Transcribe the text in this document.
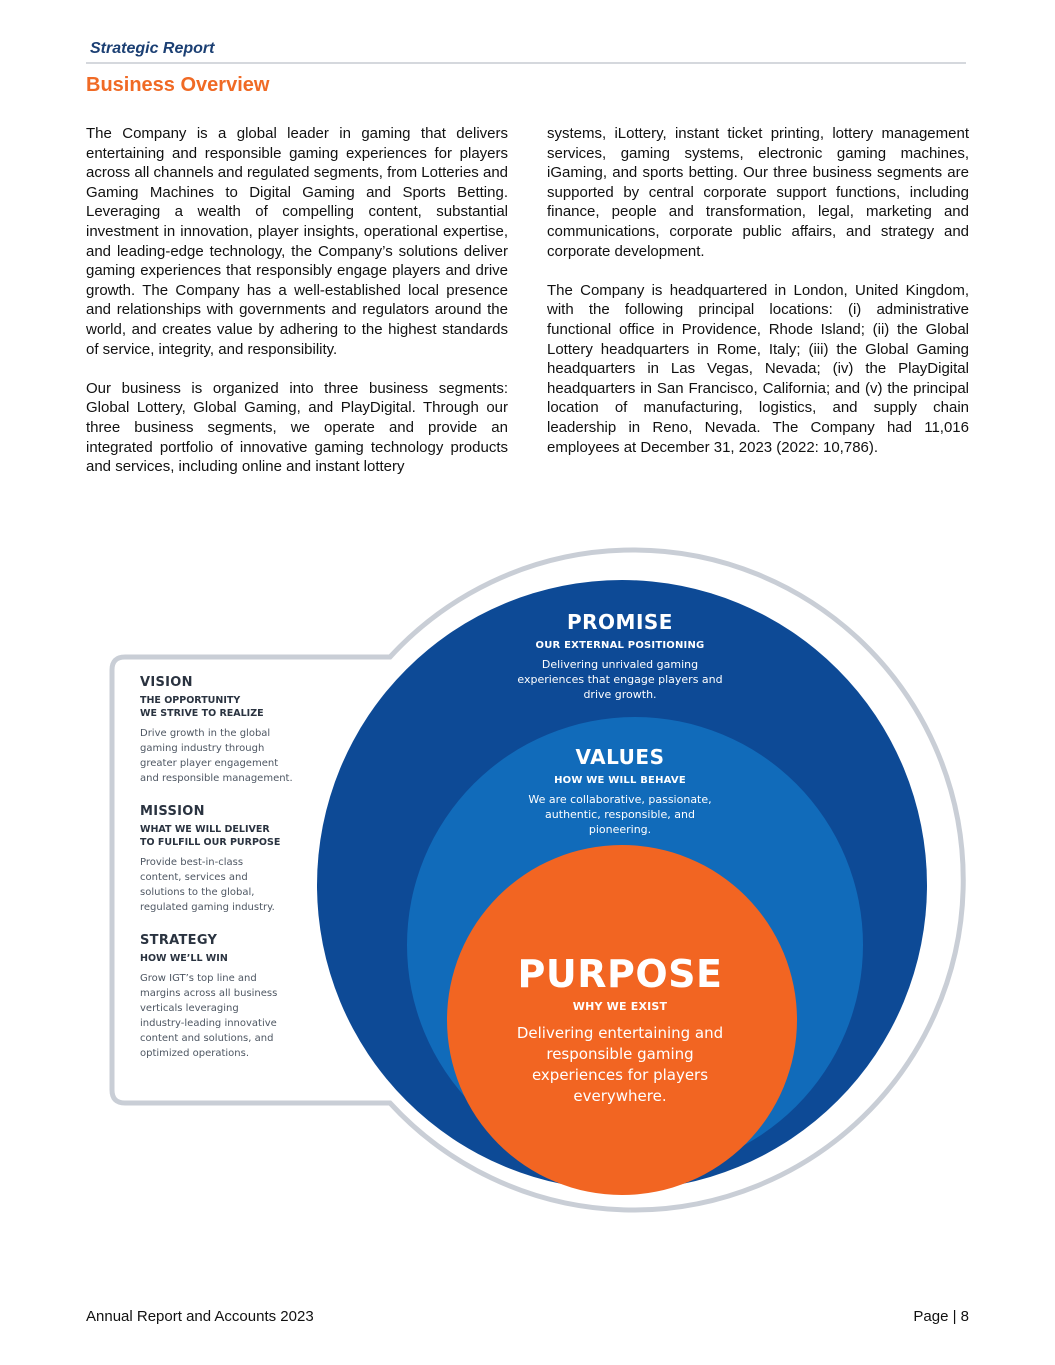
Strategic Report
Business Overview

The Company is a global leader in gaming that delivers entertaining and responsible gaming experiences for players across all channels and regulated segments, from Lotteries and Gaming Machines to Digital Gaming and Sports Betting. Leveraging a wealth of compelling content, substantial investment in innovation, player insights, operational expertise, and leading-edge technology, the Company’s solutions deliver gaming experiences that responsibly engage players and drive growth. The Company has a well-established local presence and relationships with governments and regulators around the world, and creates value by adhering to the highest standards of service, integrity, and responsibility.

Our business is organized into three business segments: Global Lottery, Global Gaming, and PlayDigital. Through our three business segments, we operate and provide an integrated portfolio of innovative gaming technology products and services, including online and instant lottery

systems, iLottery, instant ticket printing, lottery management services, gaming systems, electronic gaming machines, iGaming, and sports betting. Our three business segments are supported by central corporate support functions, including finance, people and transformation, legal, marketing and communications, corporate public affairs, and strategy and corporate development.

The Company is headquartered in London, United Kingdom, with the following principal locations: (i) administrative functional office in Providence, Rhode Island; (ii) the Global Lottery headquarters in Rome, Italy; (iii) the Global Gaming headquarters in Las Vegas, Nevada; (iv) the PlayDigital headquarters in San Francisco, California; and (v) the principal location of manufacturing, logistics, and supply chain leadership in Reno, Nevada. The Company had 11,016 employees at December 31, 2023 (2022: 10,786).

PROMISE
OUR EXTERNAL POSITIONING
Delivering unrivaled gaming experiences that engage players and drive growth.
VALUES
HOW WE WILL BEHAVE
We are collaborative, passionate, authentic, responsible, and pioneering.
PURPOSE
WHY WE EXIST
Delivering entertaining and responsible gaming experiences for players everywhere.
VISION
THE OPPORTUNITY
WE STRIVE TO REALIZE
Drive growth in the global
gaming industry through
greater player engagement
and responsible management.
MISSION
WHAT WE WILL DELIVER
TO FULFILL OUR PURPOSE
Provide best-in-class
content, services and
solutions to the global,
regulated gaming industry.
STRATEGY
HOW WE’LL WIN
Grow IGT’s top line and
margins across all business
verticals leveraging
industry-leading innovative
content and solutions, and
optimized operations.
Annual Report and Accounts 2023	Page | 8
